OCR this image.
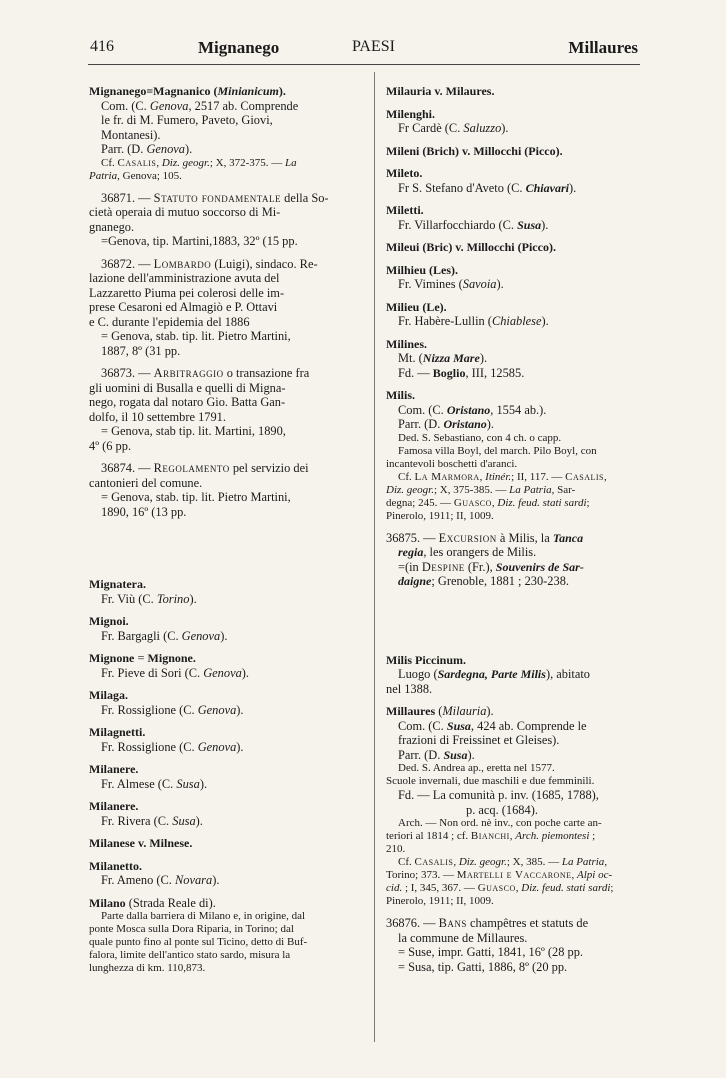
416	Mignanego	PAESI	Millaures

Mignanego=Magnanico (Minianicum).

Com. (C. Genova, 2517 ab. Comprende

le fr. di M. Fumero, Paveto, Giovi,

Montanesi).

Parr. (D. Genova).

Cf. Casalis, Diz. geogr.; X, 372-375. — La

Patria, Genova; 105.

36871. — Statuto fondamentale della So-

cietà operaia di mutuo soccorso di Mi-

gnanego.

=Genova, tip. Martini,1883, 32º (15 pp.

36872. — Lombardo (Luigi), sindaco. Re-

lazione dell'amministrazione avuta del

Lazzaretto Piuma pei colerosi delle im-

prese Cesaroni ed Almagiò e P. Ottavi

e C. durante l'epidemia del 1886

= Genova, stab. tip. lit. Pietro Martini,

1887, 8º (31 pp.

36873. — Arbitraggio o transazione fra

gli uomini di Busalla e quelli di Migna-

nego, rogata dal notaro Gio. Batta Gan-

dolfo, il 10 settembre 1791.

= Genova, stab tip. lit. Martini, 1890,

4º (6 pp.

36874. — Regolamento pel servizio dei

cantonieri del comune.

= Genova, stab. tip. lit. Pietro Martini,

1890, 16º (13 pp.

Mignatera.

Fr. Viù (C. Torino).

Mignoi.

Fr. Bargagli (C. Genova).

Mignone = Mignone.

Fr. Pieve di Sori (C. Genova).

Milaga.

Fr. Rossiglione (C. Genova).

Milagnetti.

Fr. Rossiglione (C. Genova).

Milanere.

Fr. Almese (C. Susa).

Milanere.

Fr. Rivera (C. Susa).

Milanese v. Milnese.

Milanetto.

Fr. Ameno (C. Novara).

Milano (Strada Reale di).

Parte dalla barriera di Milano e, in origine, dal

ponte Mosca sulla Dora Riparia, in Torino; dal

quale punto fino al ponte sul Ticino, detto di Buf-

falora, limite dell'antico stato sardo, misura la

lunghezza di km. 110,873.

Milauria v. Milaures.

Milenghi.

Fr Cardè (C. Saluzzo).

Mileni (Brich) v. Millocchi (Picco).

Mileto.

Fr S. Stefano d'Aveto (C. Chiavari).

Miletti.

Fr. Villarfocchiardo (C. Susa).

Mileui (Bric) v. Millocchi (Picco).

Milhieu (Les).

Fr. Vimines (Savoia).

Milieu (Le).

Fr. Habère-Lullin (Chiablese).

Milines.

Mt. (Nizza Mare).

Fd. — Boglio, III, 12585.

Milis.

Com. (C. Oristano, 1554 ab.).

Parr. (D. Oristano).

Ded. S. Sebastiano, con 4 ch. o capp.

Famosa villa Boyl, del march. Pilo Boyl, con

incantevoli boschetti d'aranci.

Cf. La Marmora, Itinér.; II, 117. — Casalis,

Diz. geogr.; X, 375-385. — La Patria, Sar-

degna; 245. — Guasco, Diz. feud. stati sardi;

Pinerolo, 1911; II, 1009.

36875. — Excursion à Milis, la Tanca

regia, les orangers de Milis.

=(in Despine (Fr.), Souvenirs de Sar-

daigne; Grenoble, 1881 ; 230-238.

Milis Piccinum.

Luogo (Sardegna, Parte Milis), abitato

nel 1388.

Millaures (Milauria).

Com. (C. Susa, 424 ab. Comprende le

frazioni di Freissinet et Gleises).

Parr. (D. Susa).

Ded. S. Andrea ap., eretta nel 1577.

Scuole invernali, due maschili e due femminili.

Fd. — La comunità p. inv. (1685, 1788),

p. acq. (1684).

Arch. — Non ord. nè inv., con poche carte an-

teriori al 1814 ; cf. Bianchi, Arch. piemontesi ;

210.

Cf. Casalis, Diz. geogr.; X, 385. — La Patria,

Torino; 373. — Martelli e Vaccarone, Alpi oc-

cid. ; I, 345, 367. — Guasco, Diz. feud. stati sardi;

Pinerolo, 1911; II, 1009.

36876. — Bans champêtres et statuts de

la commune de Millaures.

= Suse, impr. Gatti, 1841, 16º (28 pp.

= Susa, tip. Gatti, 1886, 8º (20 pp.
